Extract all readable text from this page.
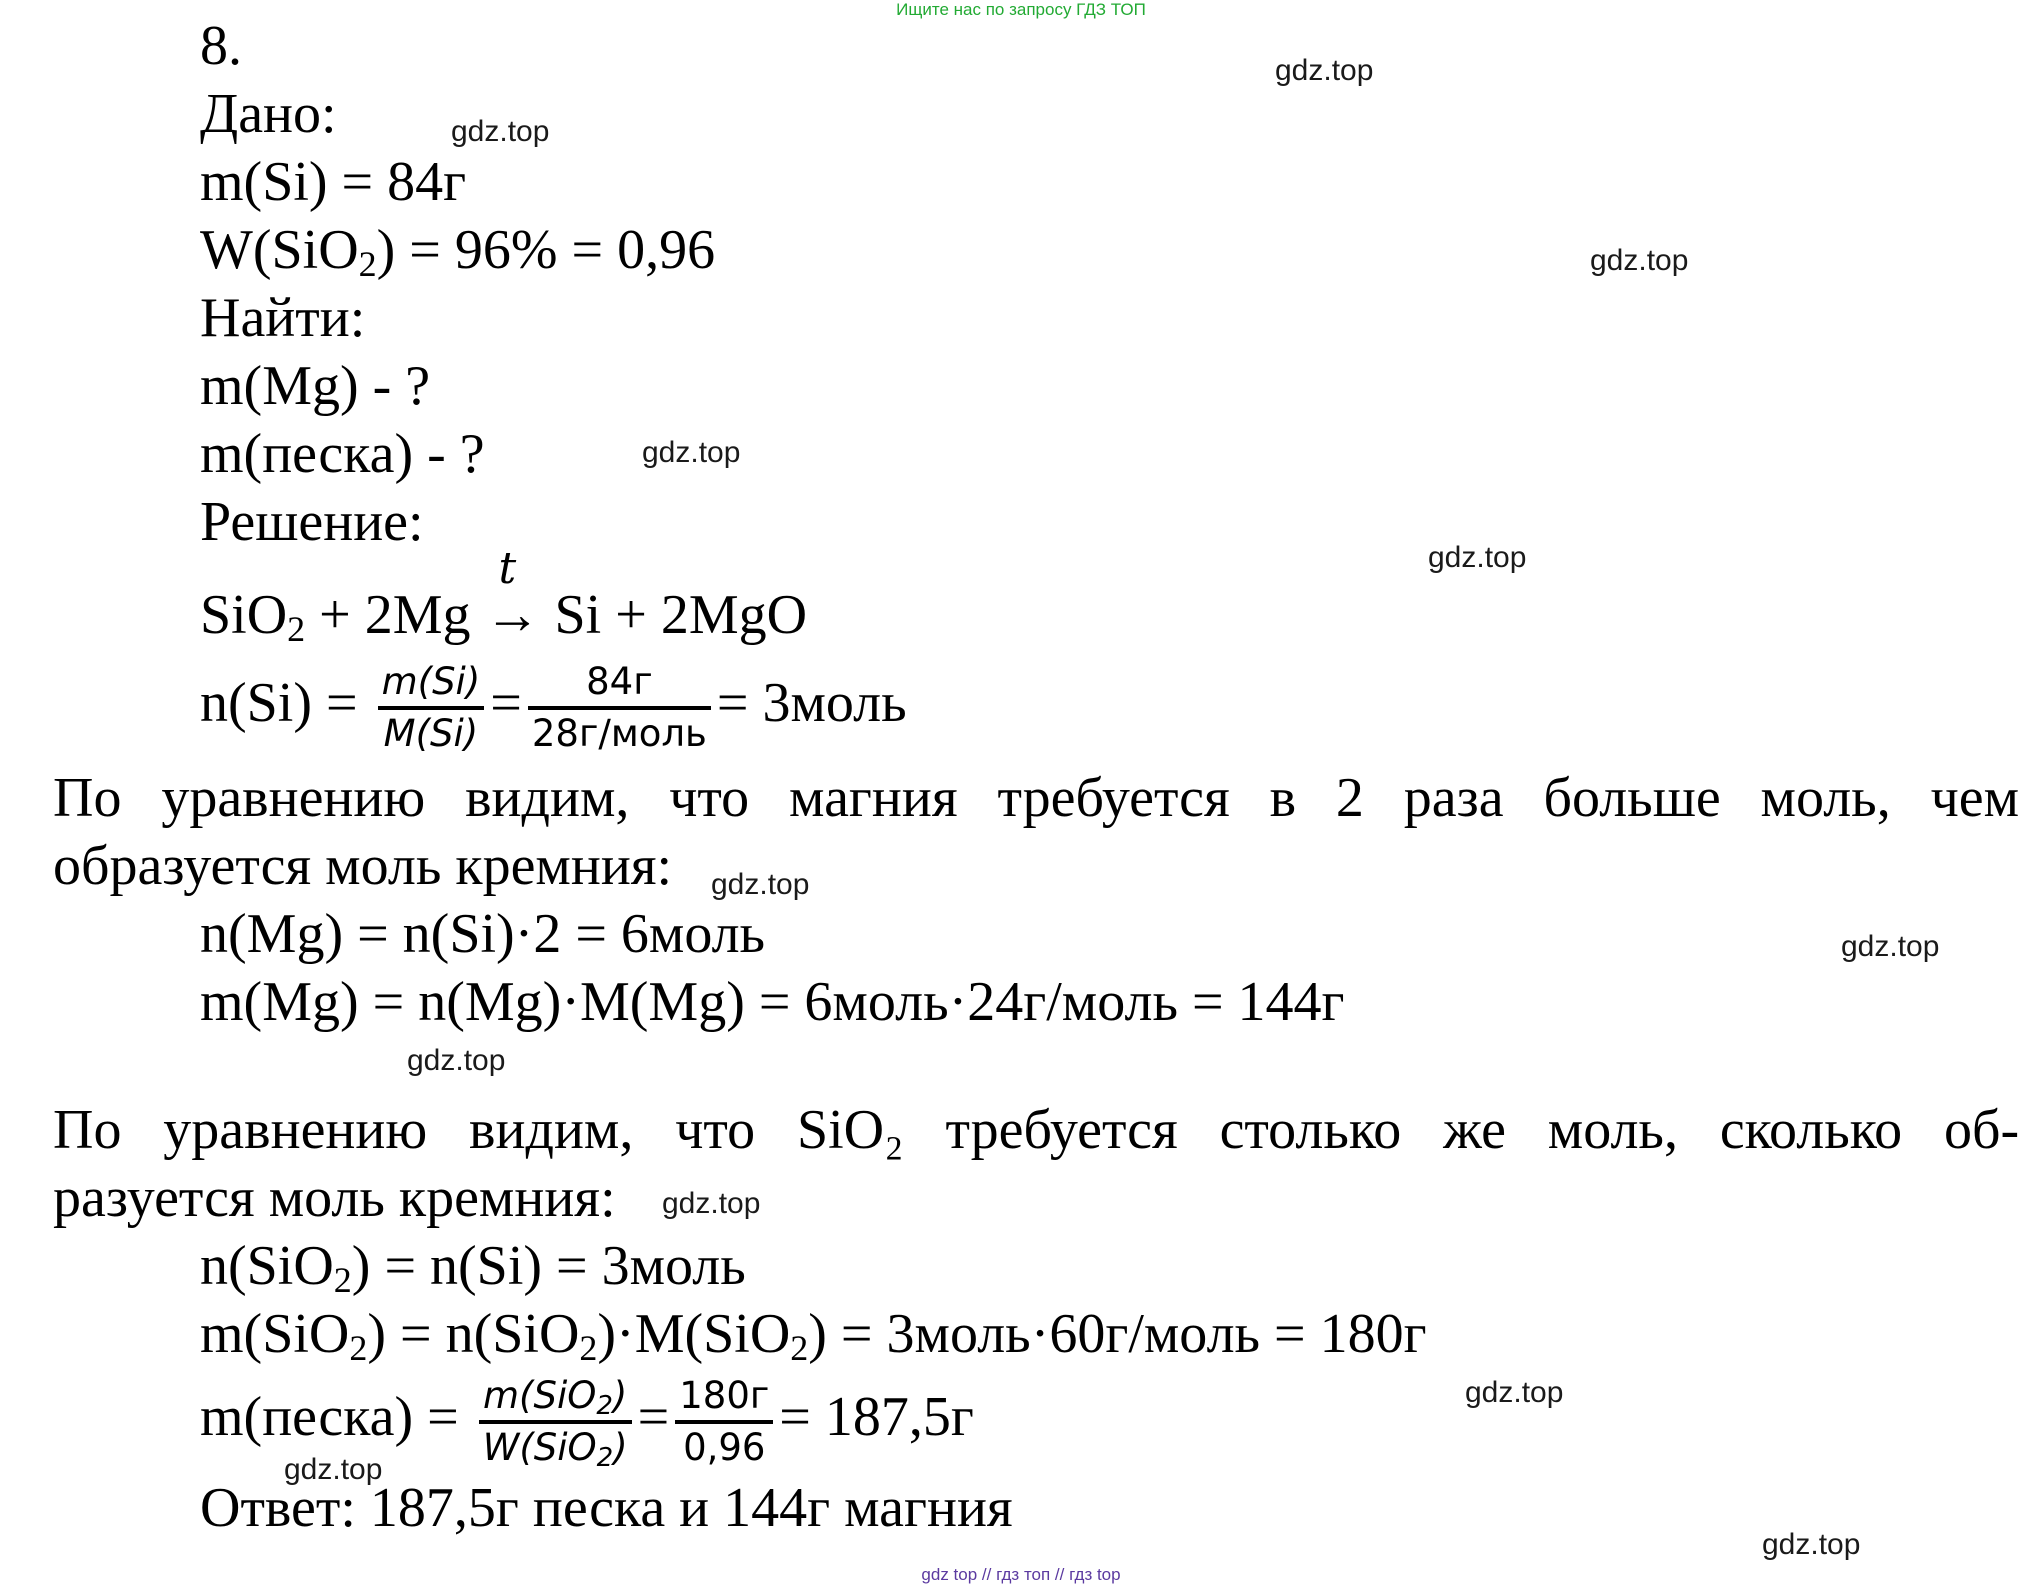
Ищите нас по запросу ГДЗ ТОП
8.
Дано:
m(Si) = 84г
W(SiO$_2$) = 96% = 0,96
Найти:
m(Mg) - ?
m(песка) - ?
Решение:
SiO$_2$ + 2Mg
t
→ Si + 2MgO
$n(Si) = \frac{m(Si)}{M(Si)} = \frac{84г}{\text{28г/моль}}$ = 3моль
По уравнению видим, что магния требуется в 2 раза больше моль, чем
образуется моль кремния:
n(Mg) = n(Si)·2 = 6моль
m(Mg) = n(Mg)·M(Mg) = 6моль·24г/моль = 144г
По уравнению видим, что SiO₂ требуется столько же моль, сколько об-
разуется моль кремния:
n(SiO$_2$) = n(Si) = 3моль
m(SiO$_2$) = n(SiO$_2$)·M(SiO$_2$) = 3моль·60г/моль = 180г
m(песка) = $\frac{m(SiO_2)}{W(SiO_2)} = \frac{180г}{0,96} = 187,5г$
Ответ: 187,5г песка и 144г магния
gdz.top
gdz.top
gdz.top
gdz.top
gdz.top
gdz.top
gdz.top
gdz.top
gdz.top
gdz.top
gdz.top
gdz.top
gdz top // гдз топ // гдз top
